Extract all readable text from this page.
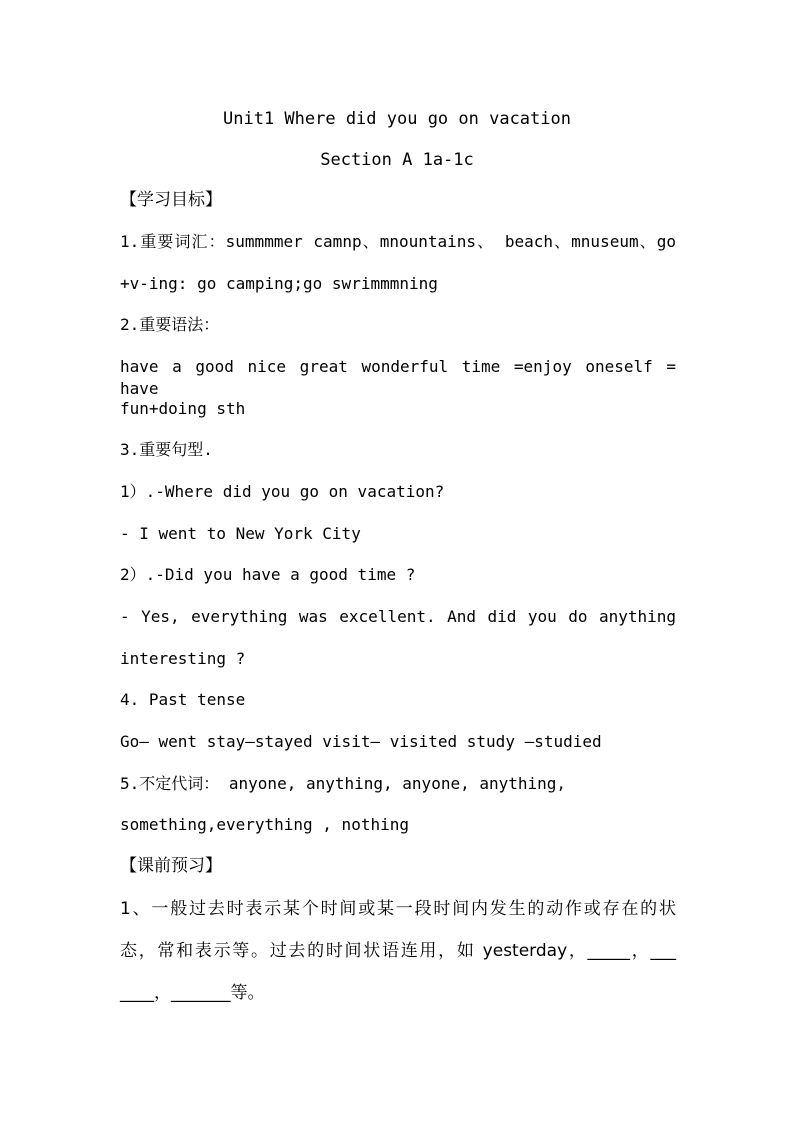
Unit1 Where did you go on vacation
Section A 1a-1c
【学习目标】
1.重要词汇：summmmer camnp、mnountains、 beach、mnuseum、go
+v-ing: go camping;go swrimmmning
2.重要语法：
have a good nice great wonderful time =enjoy oneself = have
fun+doing sth
3.重要句型.
1）.-Where did you go on vacation?
- I went to New York City
2）.-Did you have a good time ?
- Yes, everything was excellent. And did you do anything
interesting ?
4. Past tense
Go— went stay—stayed visit— visited study —studied
5.不定代词： anyone, anything, anyone, anything,
something,everything , nothing
【课前预习】
1、一般过去时表示某个时间或某一段时间内发生的动作或存在的状
态，常和表示等。过去的时间状语连用，如 yesterday，_____，___
____，_______等。
